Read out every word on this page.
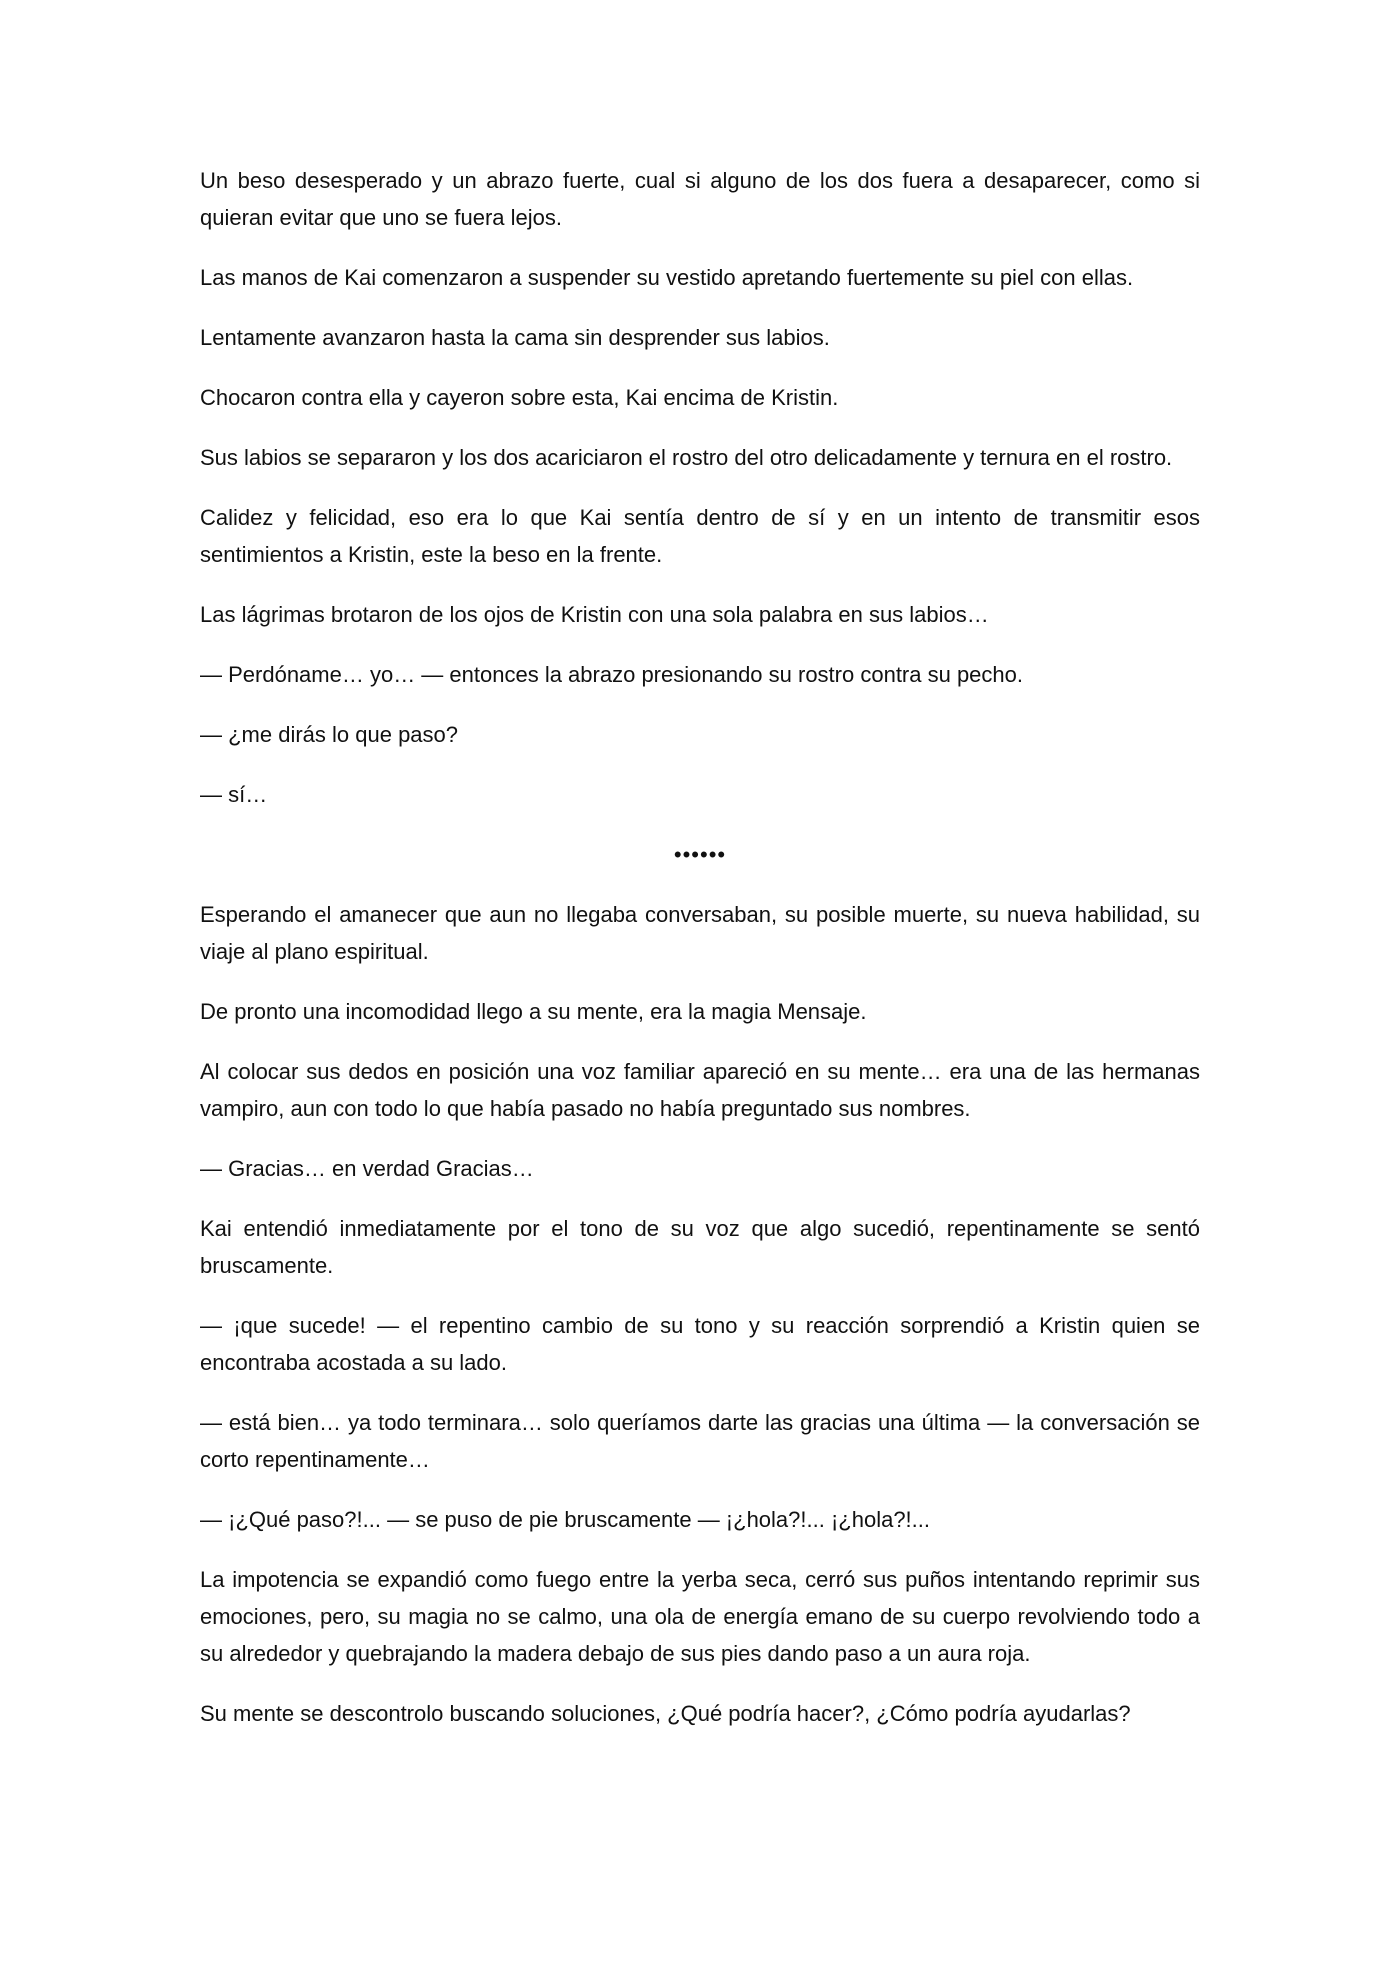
Un beso desesperado y un abrazo fuerte, cual si alguno de los dos fuera a desaparecer, como si quieran evitar que uno se fuera lejos.

Las manos de Kai comenzaron a suspender su vestido apretando fuertemente su piel con ellas.

Lentamente avanzaron hasta la cama sin desprender sus labios.

Chocaron contra ella y cayeron sobre esta, Kai encima de Kristin.

Sus labios se separaron y los dos acariciaron el rostro del otro delicadamente y ternura en el rostro.

Calidez y felicidad, eso era lo que Kai sentía dentro de sí y en un intento de transmitir esos sentimientos a Kristin, este la beso en la frente.

Las lágrimas brotaron de los ojos de Kristin con una sola palabra en sus labios…

— Perdóname… yo… — entonces la abrazo presionando su rostro contra su pecho.

— ¿me dirás lo que paso?

— sí…

••••••

Esperando el amanecer que aun no llegaba conversaban, su posible muerte, su nueva habilidad, su viaje al plano espiritual.

De pronto una incomodidad llego a su mente, era la magia Mensaje.

Al colocar sus dedos en posición una voz familiar apareció en su mente… era una de las hermanas vampiro, aun con todo lo que había pasado no había preguntado sus nombres.

— Gracias… en verdad Gracias…

Kai entendió inmediatamente por el tono de su voz que algo sucedió, repentinamente se sentó bruscamente.

— ¡que sucede! — el repentino cambio de su tono y su reacción sorprendió a Kristin quien se encontraba acostada a su lado.

— está bien… ya todo terminara… solo queríamos darte las gracias una última — la conversación se corto repentinamente…

— ¡¿Qué paso?!... — se puso de pie bruscamente — ¡¿hola?!... ¡¿hola?!...

La impotencia se expandió como fuego entre la yerba seca, cerró sus puños intentando reprimir sus emociones, pero, su magia no se calmo, una ola de energía emano de su cuerpo revolviendo todo a su alrededor y quebrajando la madera debajo de sus pies dando paso a un aura roja.

Su mente se descontrolo buscando soluciones, ¿Qué podría hacer?, ¿Cómo podría ayudarlas?
